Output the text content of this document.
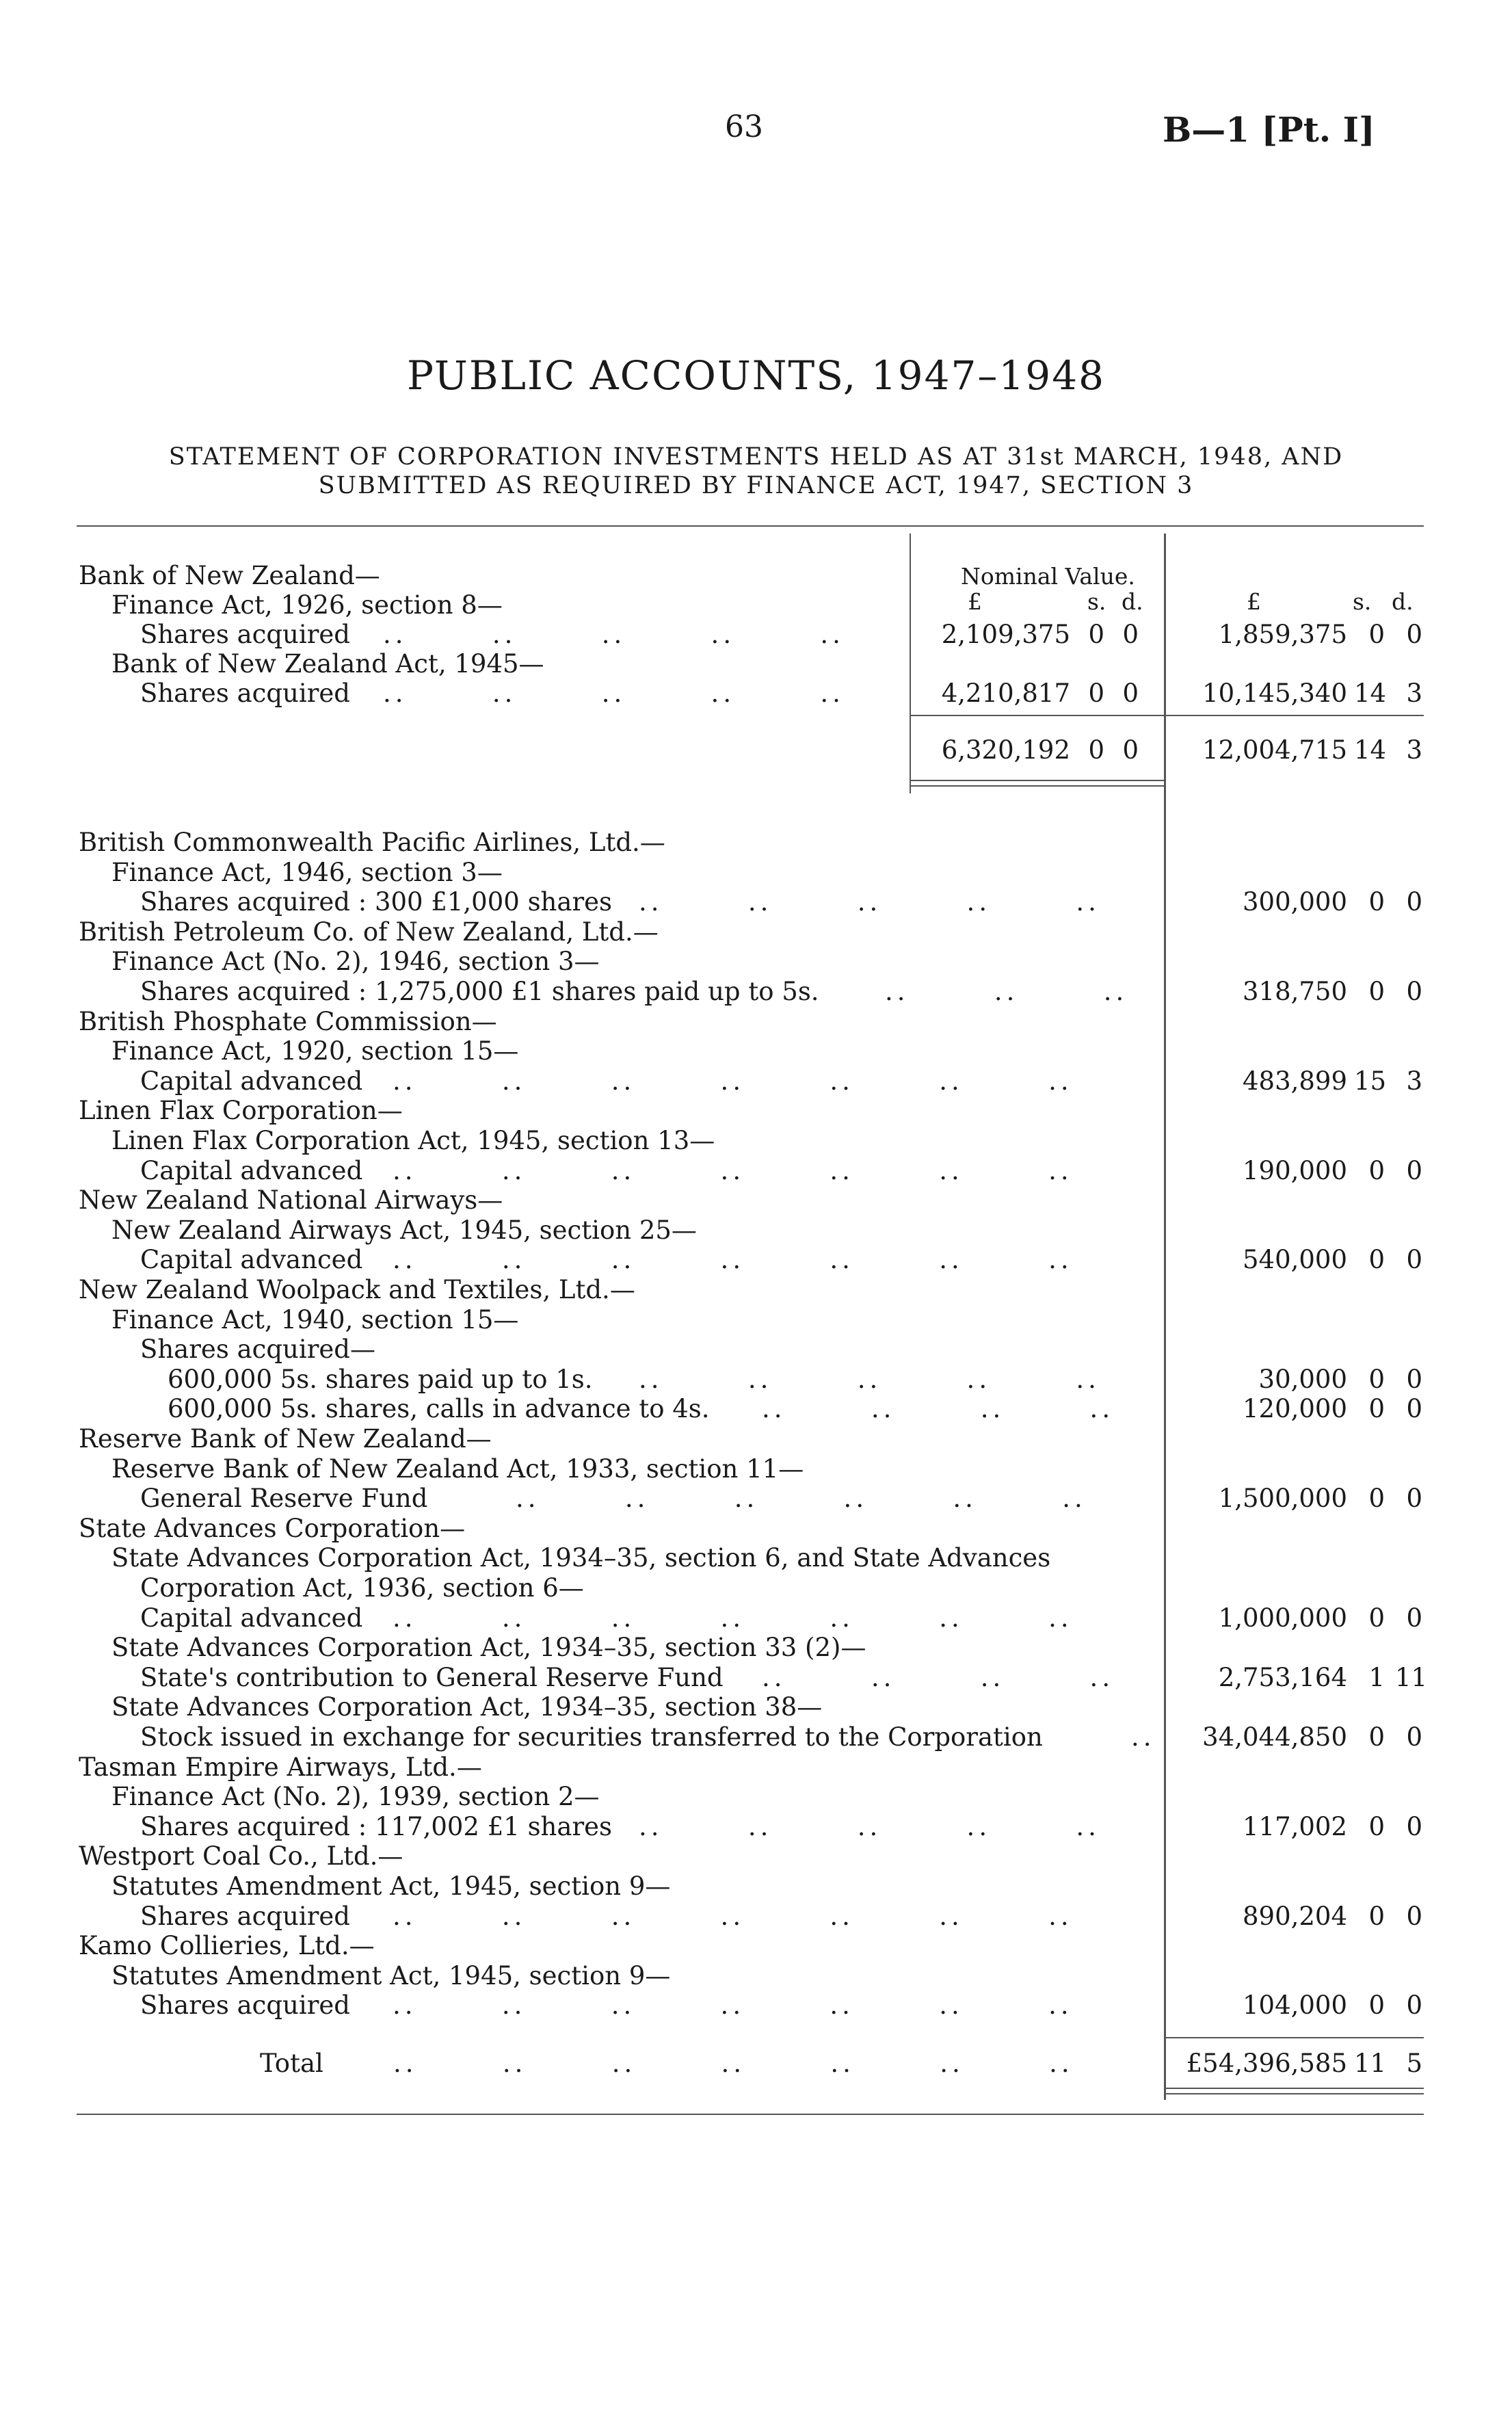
63	B—1 [Pt. I]
PUBLIC ACCOUNTS, 1947–1948
STATEMENT OF CORPORATION INVESTMENTS HELD AS AT 31st MARCH, 1948, AND
SUBMITTED AS REQUIRED BY FINANCE ACT, 1947, SECTION 3
Nominal Value.
£	s. d.	£	s. d.
Bank of New Zealand—
Finance Act, 1926, section 8—
Shares acquired ..       ..       ..       ..       ..	2,109,375 0 0	1,859,375 0 0
Bank of New Zealand Act, 1945—
Shares acquired ..       ..       ..       ..       ..	4,210,817 0 0	10,145,340 14 3
6,320,192 0 0	12,004,715 14 3
British Commonwealth Pacific Airlines, Ltd.—
Finance Act, 1946, section 3—
Shares acquired : 300 £1,000 shares ..       ..       ..       ..       ..	300,000 0 0
British Petroleum Co. of New Zealand, Ltd.—
Finance Act (No. 2), 1946, section 3—
Shares acquired : 1,275,000 £1 shares paid up to 5s.	..       ..       ..	318,750 0 0
British Phosphate Commission—
Finance Act, 1920, section 15—
Capital advanced ..       ..       ..       ..       ..       ..       ..	483,899 15 3
Linen Flax Corporation—
Linen Flax Corporation Act, 1945, section 13—
Capital advanced ..       ..       ..       ..       ..       ..       ..	190,000 0 0
New Zealand National Airways—
New Zealand Airways Act, 1945, section 25—
Capital advanced ..       ..       ..       ..       ..       ..       ..	540,000 0 0
New Zealand Woolpack and Textiles, Ltd.—
Finance Act, 1940, section 15—
Shares acquired—
600,000 5s. shares paid up to 1s. ..       ..       ..       ..       ..	30,000 0 0
600,000 5s. shares, calls in advance to 4s. ..       ..       ..       ..	120,000 0 0
Reserve Bank of New Zealand—
Reserve Bank of New Zealand Act, 1933, section 11—
General Reserve Fund	..       ..       ..       ..       ..       ..	1,500,000 0 0
State Advances Corporation—
State Advances Corporation Act, 1934–35, section 6, and State Advances
Corporation Act, 1936, section 6—
Capital advanced ..       ..       ..       ..       ..       ..       ..	1,000,000 0 0
State Advances Corporation Act, 1934–35, section 33 (2)—
State's contribution to General Reserve Fund ..       ..       ..       ..	2,753,164 1 11
State Advances Corporation Act, 1934–35, section 38—
Stock issued in exchange for securities transferred to the Corporation	..	34,044,850 0 0
Tasman Empire Airways, Ltd.—
Finance Act (No. 2), 1939, section 2—
Shares acquired : 117,002 £1 shares ..       ..       ..       ..       ..	117,002 0 0
Westport Coal Co., Ltd.—
Statutes Amendment Act, 1945, section 9—
Shares acquired ..       ..       ..       ..       ..       ..       ..	890,204 0 0
Kamo Collieries, Ltd.—
Statutes Amendment Act, 1945, section 9—
Shares acquired ..       ..       ..       ..       ..       ..       ..	104,000 0 0
Total	..       ..       ..       ..       ..       ..       ..	£54,396,585 11 5
